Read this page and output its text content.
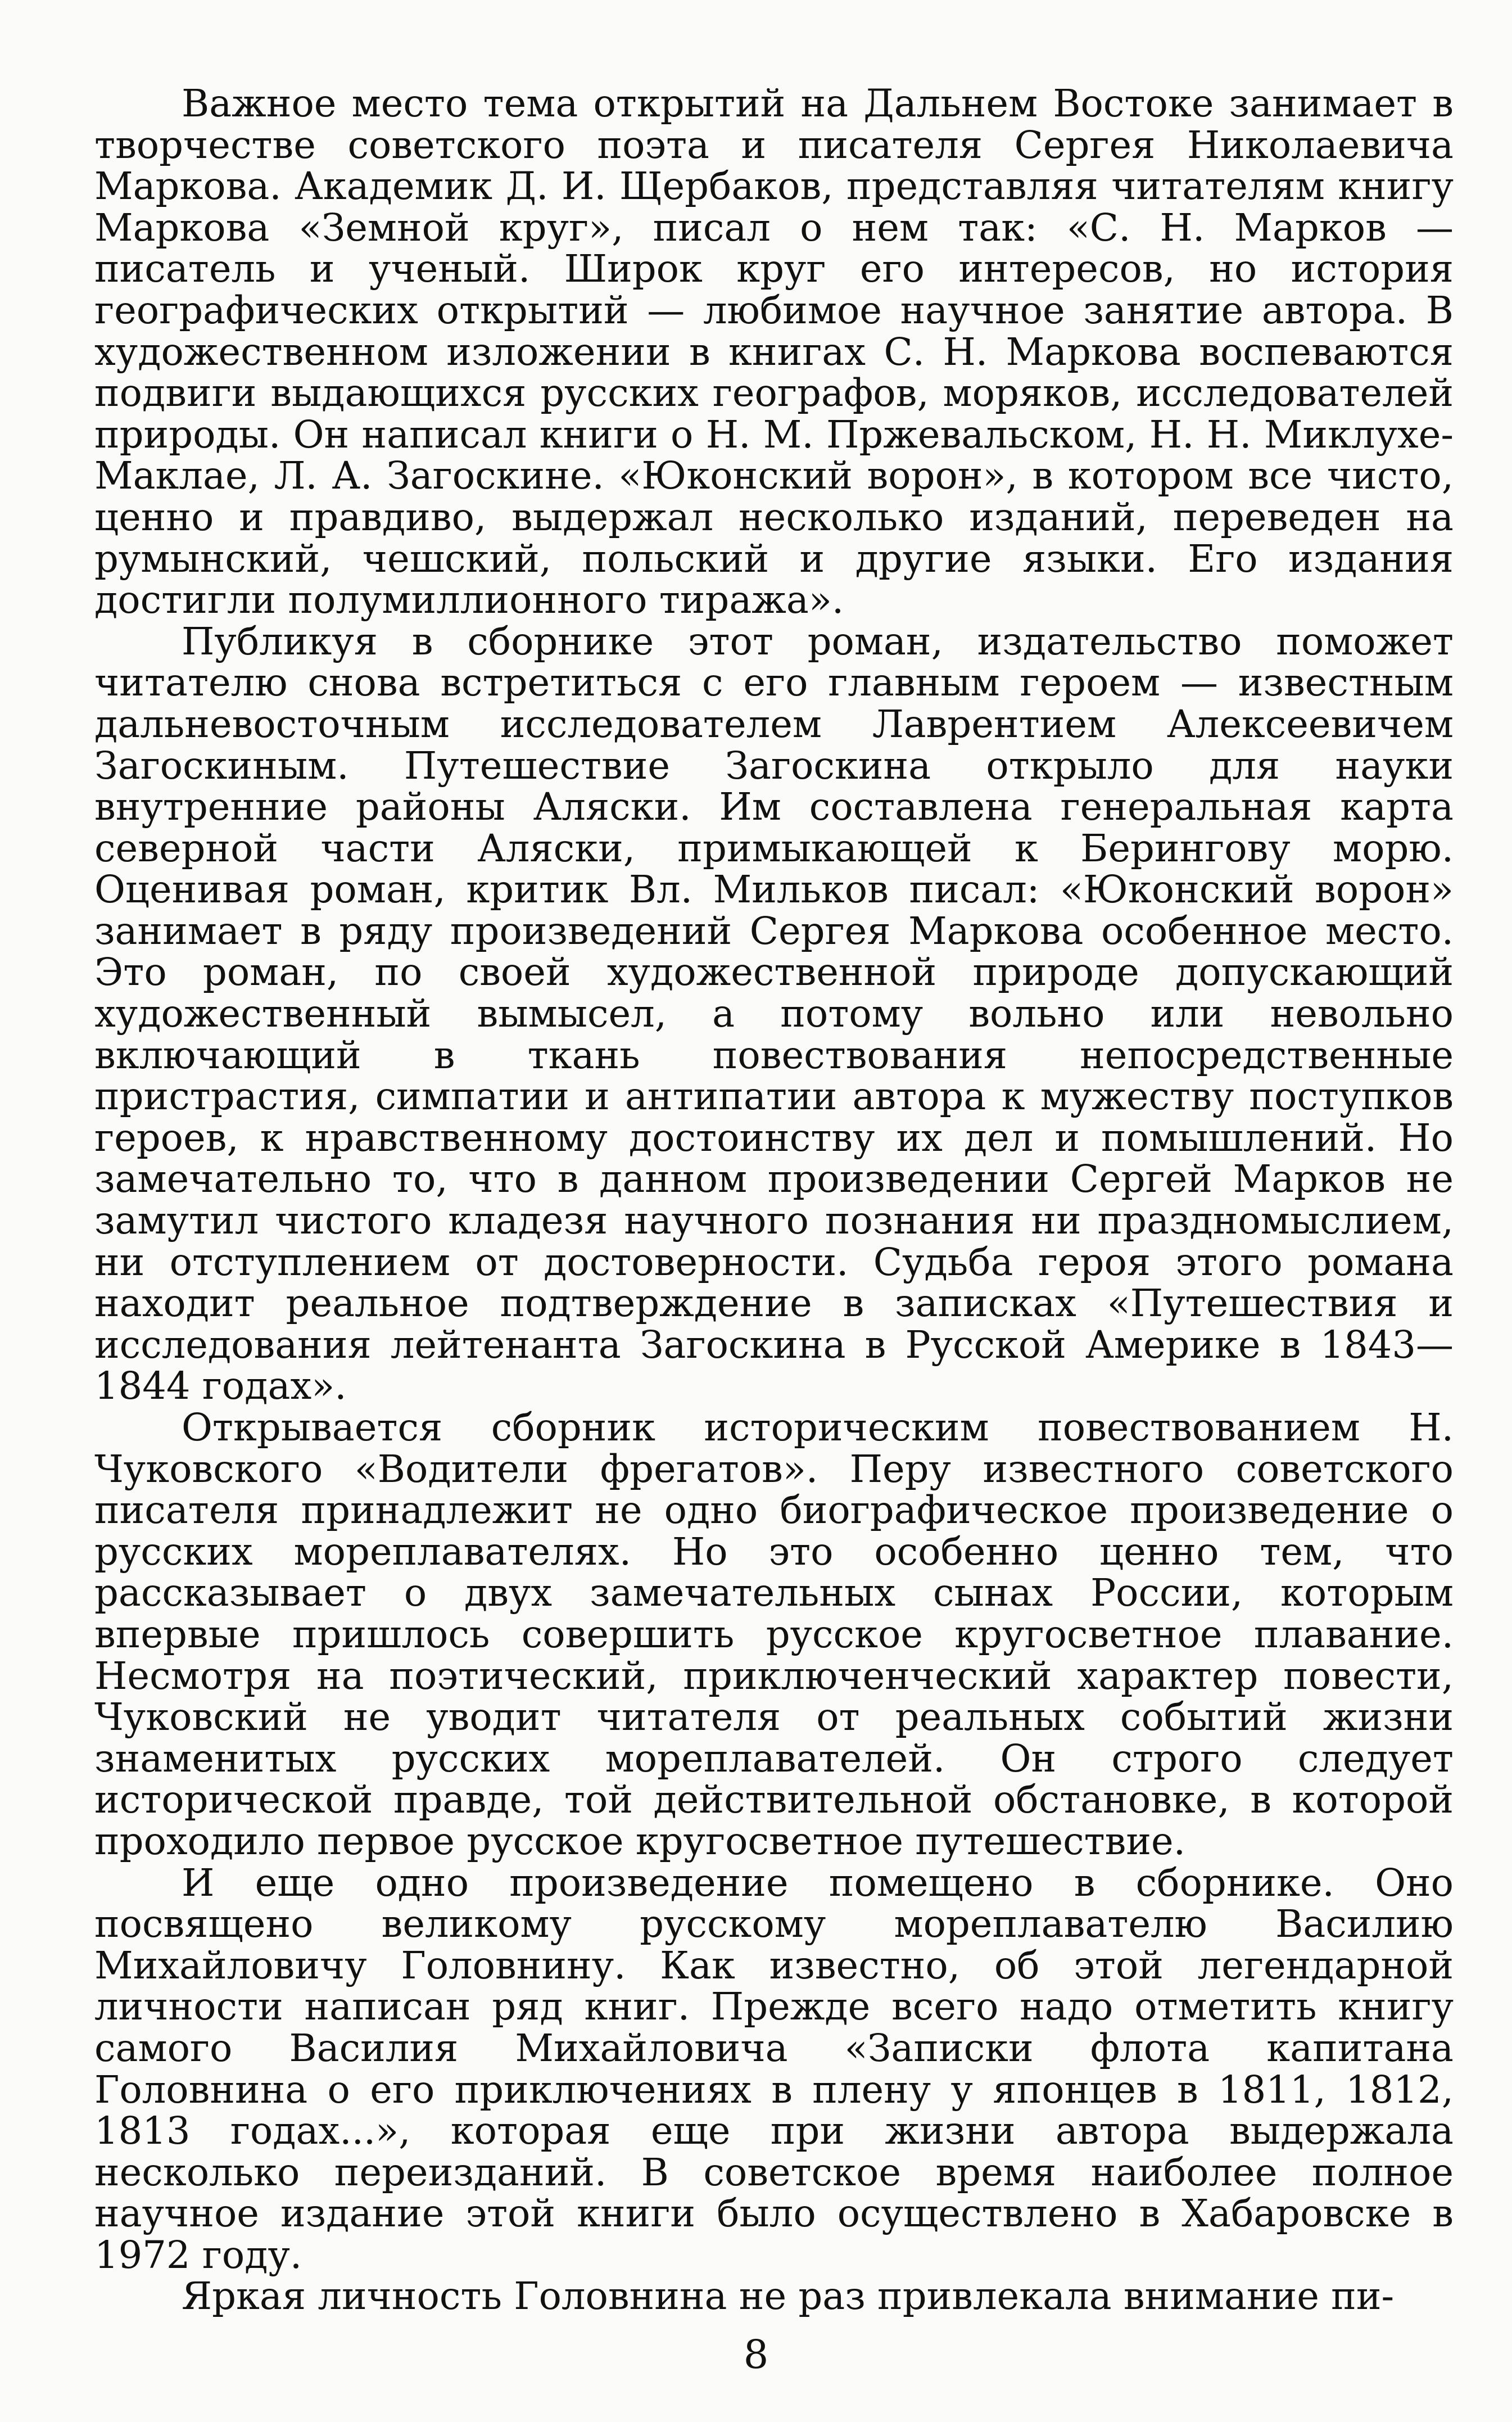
Важное место тема открытий на Дальнем Востоке занимает в творчестве советского поэта и писателя Сергея Николаевича Маркова. Академик Д. И. Щербаков, представляя читателям книгу Маркова «Земной круг», писал о нем так: «С. Н. Марков — писатель и ученый. Широк круг его интересов, но история географических открытий — любимое научное занятие автора. В художественном изложении в книгах С. Н. Маркова воспеваются подвиги выдающихся русских географов, моряков, исследователей природы. Он написал книги о Н. М. Пржевальском, Н. Н. Миклухе-Маклае, Л. А. Загоскине. «Юконский ворон», в котором все чисто, ценно и правдиво, выдержал несколько изданий, переведен на румынский, чешский, польский и другие языки. Его издания достигли полумиллионного тиража».

Публикуя в сборнике этот роман, издательство поможет читателю снова встретиться с его главным героем — известным дальневосточным исследователем Лаврентием Алексеевичем Загоскиным. Путешествие Загоскина открыло для науки внутренние районы Аляски. Им составлена генеральная карта северной части Аляски, примыкающей к Берингову морю. Оценивая роман, критик Вл. Мильков писал: «Юконский ворон» занимает в ряду произведений Сергея Маркова особенное место. Это роман, по своей художественной природе допускающий художественный вымысел, а потому вольно или невольно включающий в ткань повествования непосредственные пристрастия, симпатии и антипатии автора к мужеству поступков героев, к нравственному достоинству их дел и помышлений. Но замечательно то, что в данном произведении Сергей Марков не замутил чистого кладезя научного познания ни праздномыслием, ни отступлением от достоверности. Судьба героя этого романа находит реальное подтверждение в записках «Путешествия и исследования лейтенанта Загоскина в Русской Америке в 1843—1844 годах».

Открывается сборник историческим повествованием Н. Чуковского «Водители фрегатов». Перу известного советского писателя принадлежит не одно биографическое произведение о русских мореплавателях. Но это особенно ценно тем, что рассказывает о двух замечательных сынах России, которым впервые пришлось совершить русское кругосветное плавание. Несмотря на поэтический, приключенческий характер повести, Чуковский не уводит читателя от реальных событий жизни знаменитых русских мореплавателей. Он строго следует исторической правде, той действительной обстановке, в которой проходило первое русское кругосветное путешествие.

И еще одно произведение помещено в сборнике. Оно посвящено великому русскому мореплавателю Василию Михайловичу Головнину. Как известно, об этой легендарной личности написан ряд книг. Прежде всего надо отметить книгу самого Василия Михайловича «Записки флота капитана Головнина о его приключениях в плену у японцев в 1811, 1812, 1813 годах...», которая еще при жизни автора выдержала несколько переизданий. В советское время наиболее полное научное издание этой книги было осуществлено в Хабаровске в 1972 году.

Яркая личность Головнина не раз привлекала внимание пи-

8
